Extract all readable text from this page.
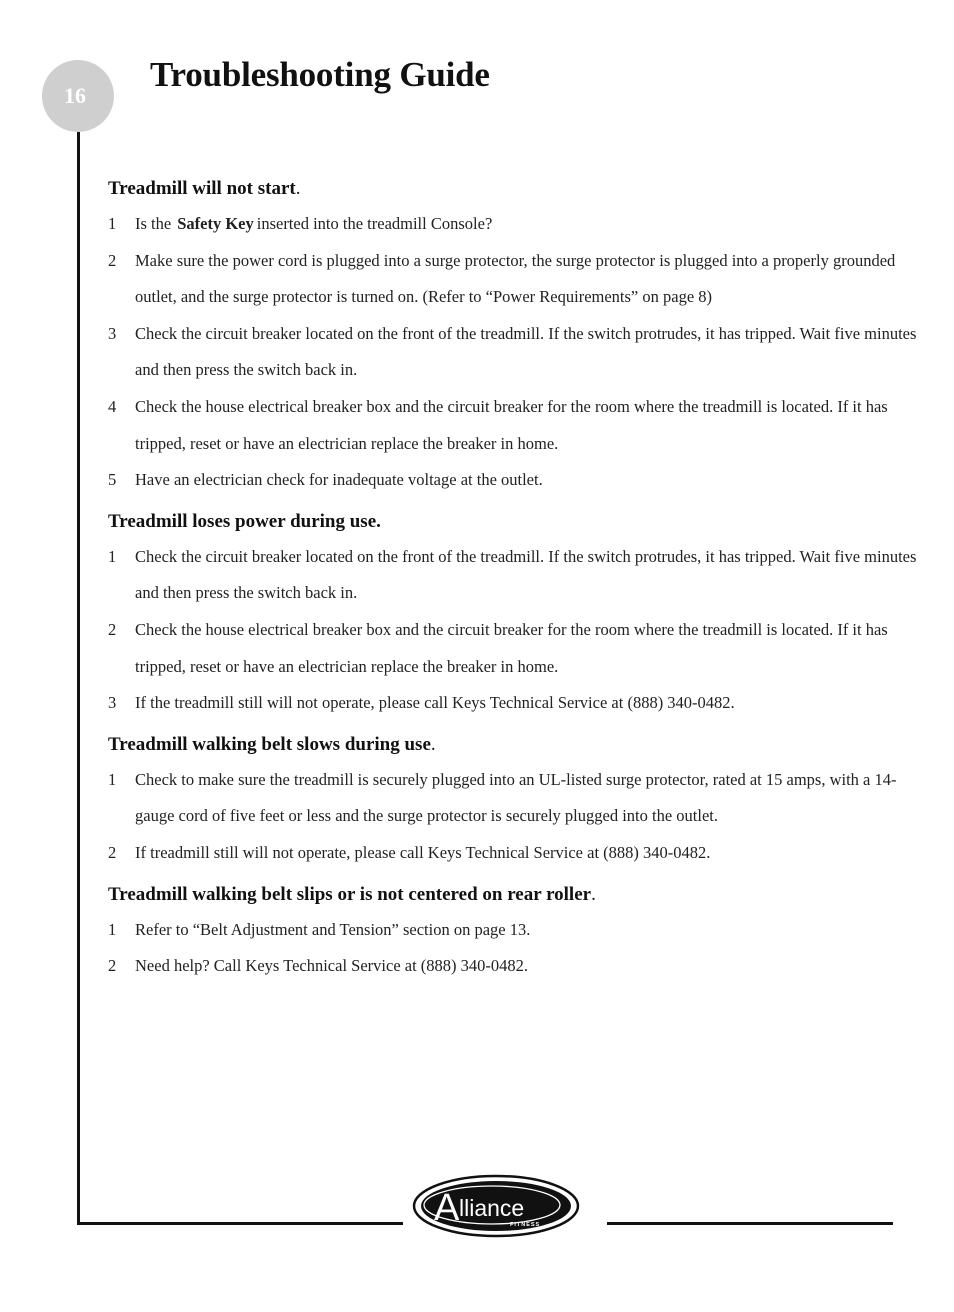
16
Troubleshooting Guide
Treadmill will not start.
1	Is the Safety Key inserted into the treadmill Console?
2	Make sure the power cord is plugged into a surge protector, the surge protector is plugged into a properly grounded outlet, and the surge protector is turned on. (Refer to “Power Requirements” on page 8)
3	Check the circuit breaker located on the front of the treadmill. If the switch protrudes, it has tripped. Wait five minutes and then press the switch back in.
4	Check the house electrical breaker box and the circuit breaker for the room where the treadmill is located. If it has tripped, reset or have an electrician replace the breaker in home.
5	Have an electrician check for inadequate voltage at the outlet.
Treadmill loses power during use.
1	Check the circuit breaker located on the front of the treadmill. If the switch protrudes, it has tripped. Wait five minutes and then press the switch back in.
2	Check the house electrical breaker box and the circuit breaker for the room where the treadmill is located. If it has tripped, reset or have an electrician replace the breaker in home.
3	If the treadmill still will not operate, please call Keys Technical Service at (888) 340-0482.
Treadmill walking belt slows during use.
1	Check to make sure the treadmill is securely plugged into an UL-listed surge protector, rated at 15 amps, with a 14-gauge cord of five feet or less and the surge protector is securely plugged into the outlet.
2	If treadmill still will not operate, please call Keys Technical Service at (888) 340-0482.
Treadmill walking belt slips or is not centered on rear roller.
1	Refer to “Belt Adjustment and Tension” section on page 13.
2	Need help? Call Keys Technical Service at (888) 340-0482.
A lliance
FITNESS
